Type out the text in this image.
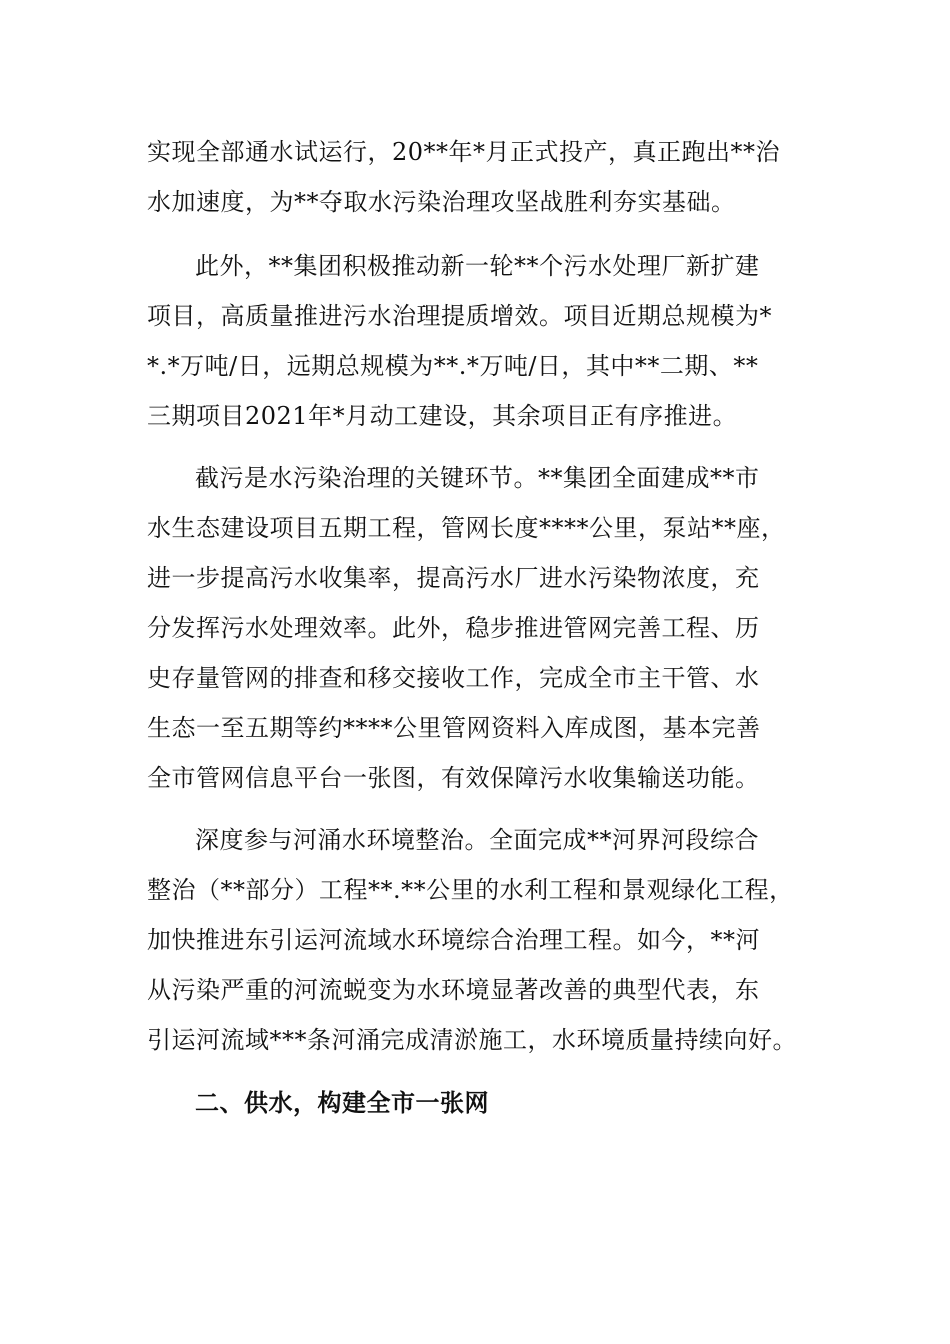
实现全部通水试运行，20**年*月正式投产，真正跑出**治
水加速度，为**夺取水污染治理攻坚战胜利夯实基础。
此外，**集团积极推动新一轮**个污水处理厂新扩建
项目，高质量推进污水治理提质增效。项目近期总规模为*
*.*万吨/日，远期总规模为**.*万吨/日，其中**二期、**
三期项目2021年*月动工建设，其余项目正有序推进。
截污是水污染治理的关键环节。**集团全面建成**市
水生态建设项目五期工程，管网长度****公里，泵站**座，
进一步提高污水收集率，提高污水厂进水污染物浓度，充
分发挥污水处理效率。此外，稳步推进管网完善工程、历
史存量管网的排查和移交接收工作，完成全市主干管、水
生态一至五期等约****公里管网资料入库成图，基本完善
全市管网信息平台一张图，有效保障污水收集输送功能。
深度参与河涌水环境整治。全面完成**河界河段综合
整治（**部分）工程**.**公里的水利工程和景观绿化工程，
加快推进东引运河流域水环境综合治理工程。如今，**河
从污染严重的河流蜕变为水环境显著改善的典型代表，东
引运河流域***条河涌完成清淤施工，水环境质量持续向好。
二、供水，构建全市一张网
